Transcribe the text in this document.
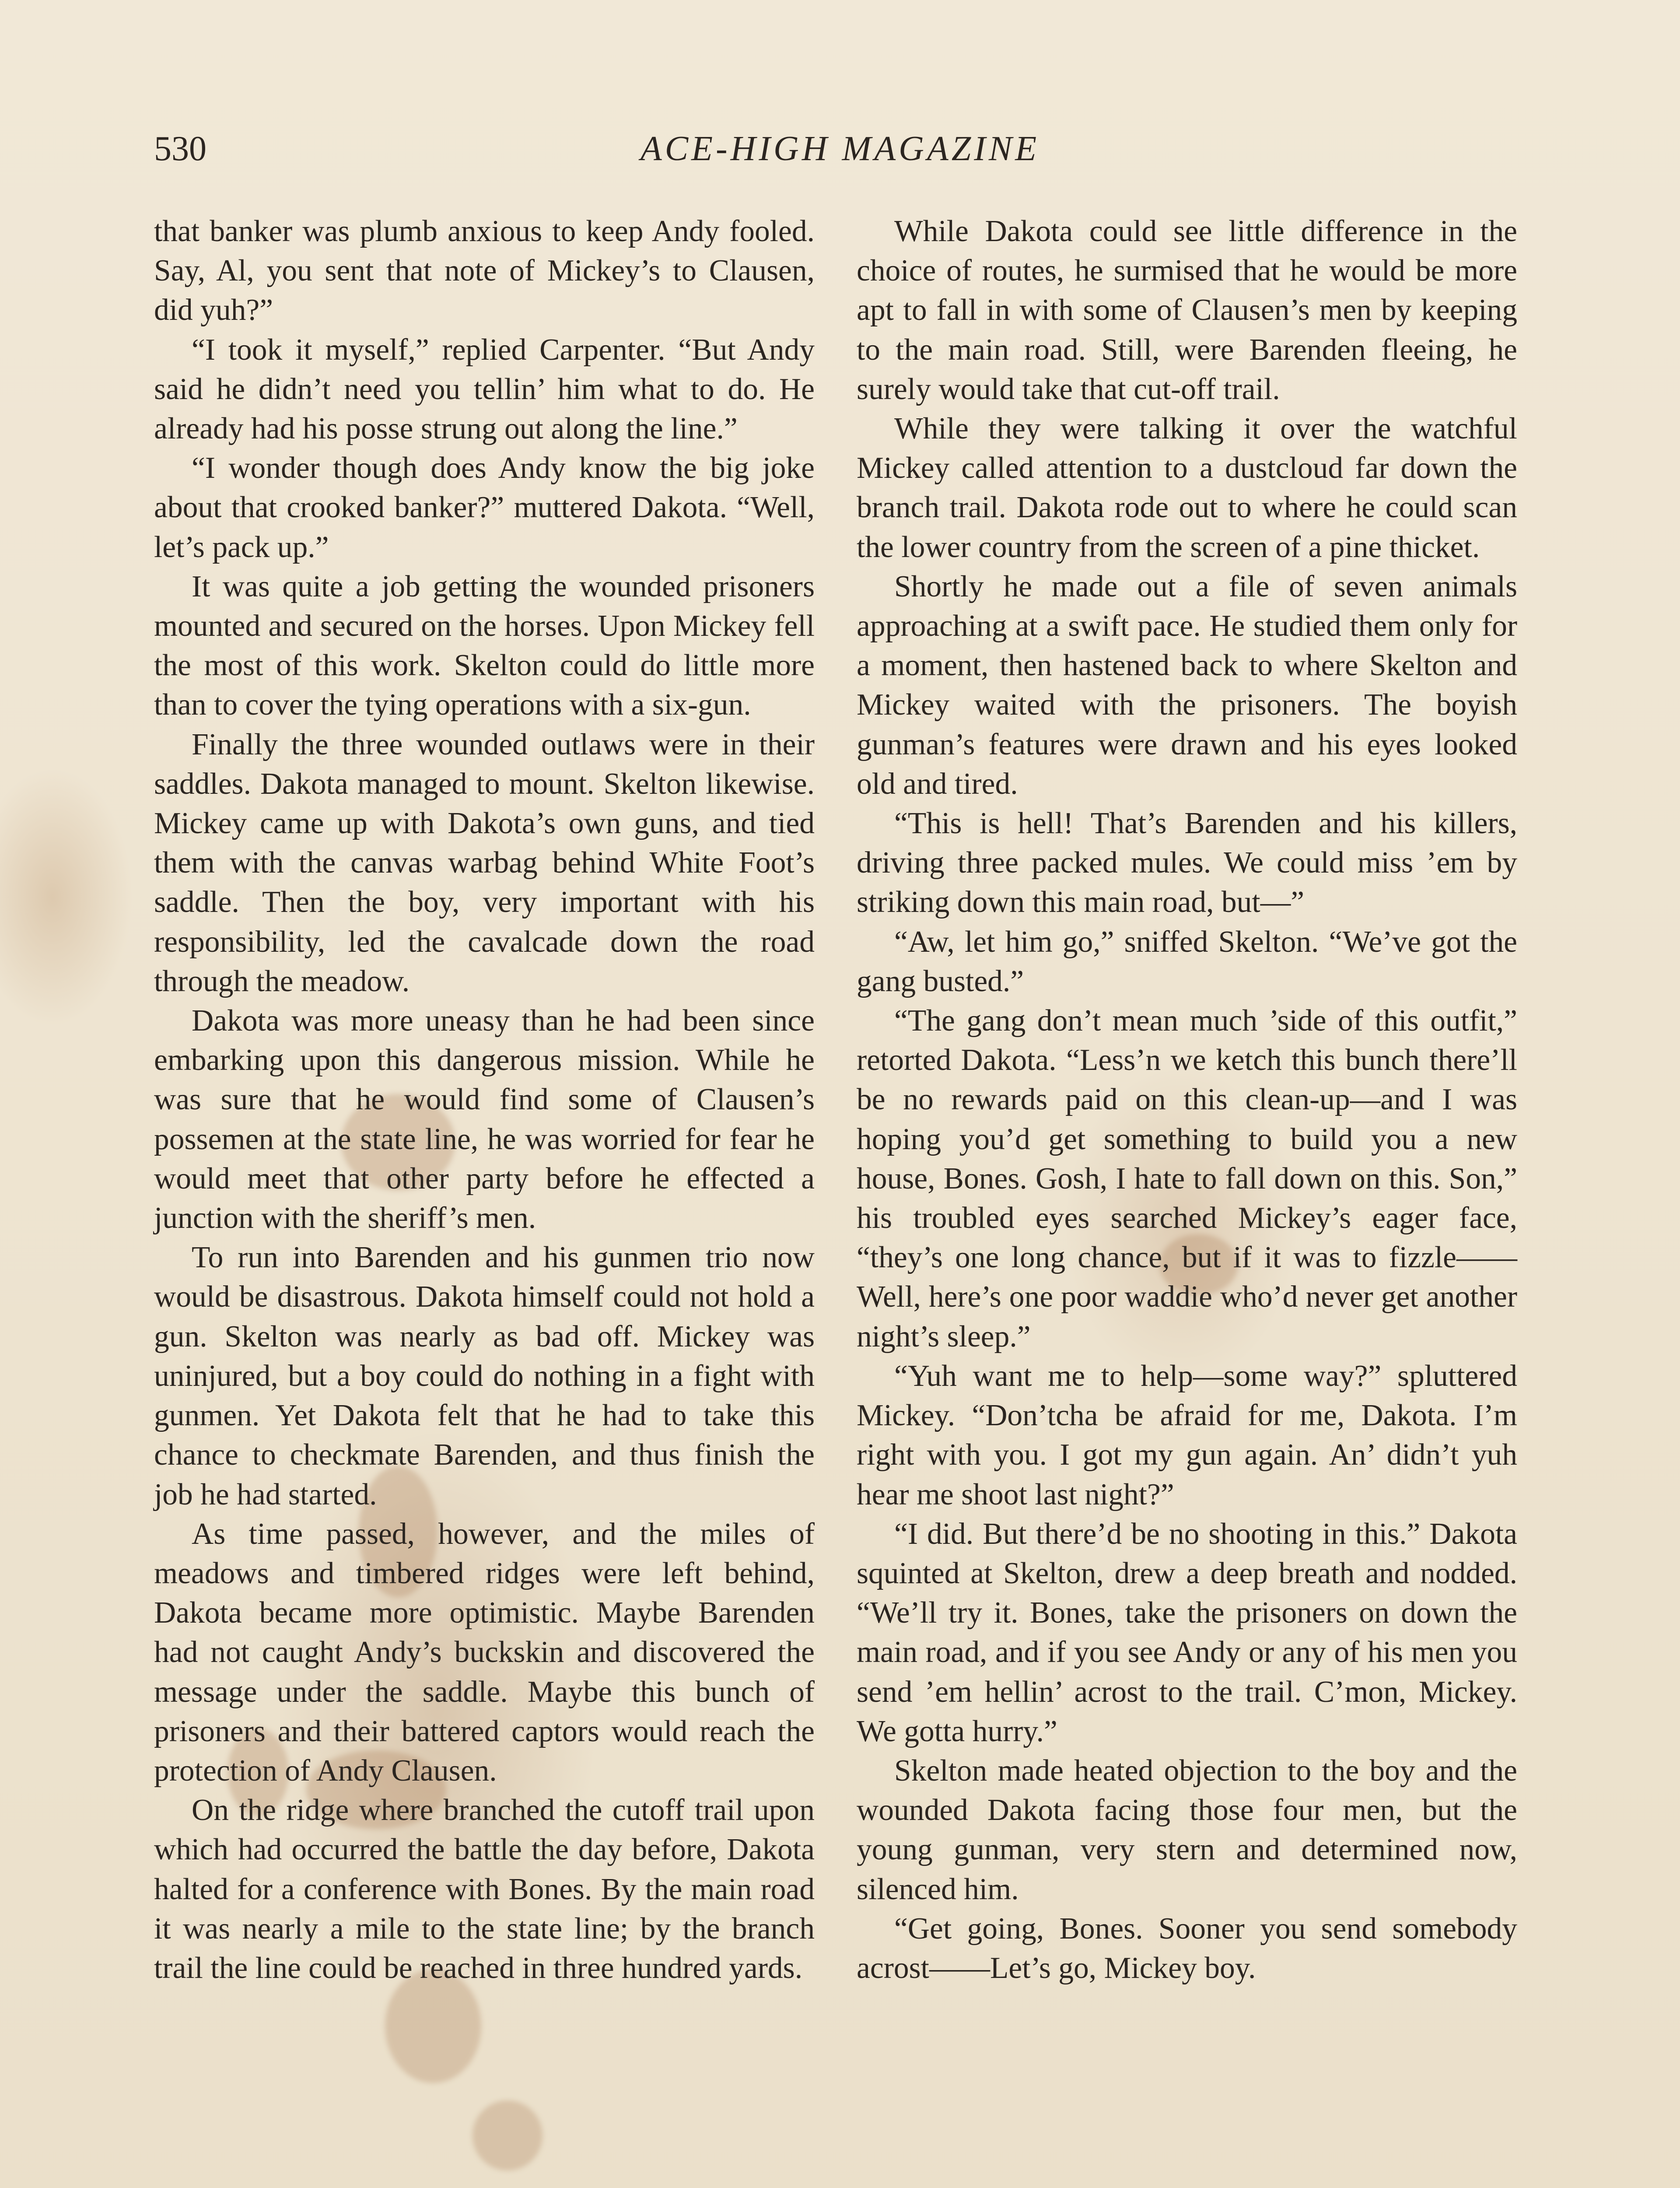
530	ACE-HIGH MAGAZINE

that banker was plumb anxious to keep Andy fooled. Say, Al, you sent that note of Mickey’s to Clausen, did yuh?”

“I took it myself,” replied Carpenter. “But Andy said he didn’t need you tellin’ him what to do. He already had his posse strung out along the line.”

“I wonder though does Andy know the big joke about that crooked banker?” muttered Dakota. “Well, let’s pack up.”

It was quite a job getting the wounded prisoners mounted and secured on the horses. Upon Mickey fell the most of this work. Skelton could do little more than to cover the tying operations with a six-gun.

Finally the three wounded outlaws were in their saddles. Dakota managed to mount. Skelton likewise. Mickey came up with Dakota’s own guns, and tied them with the canvas warbag behind White Foot’s saddle. Then the boy, very important with his responsibility, led the cavalcade down the road through the meadow.

Dakota was more uneasy than he had been since embarking upon this dangerous mission. While he was sure that he would find some of Clausen’s possemen at the state line, he was worried for fear he would meet that other party before he effected a junction with the sheriff’s men.

To run into Barenden and his gunmen trio now would be disastrous. Dakota himself could not hold a gun. Skelton was nearly as bad off. Mickey was uninjured, but a boy could do nothing in a fight with gunmen. Yet Dakota felt that he had to take this chance to checkmate Barenden, and thus finish the job he had started.

As time passed, however, and the miles of meadows and timbered ridges were left behind, Dakota became more optimistic. Maybe Barenden had not caught Andy’s buckskin and discovered the message under the saddle. Maybe this bunch of prisoners and their battered captors would reach the protection of Andy Clausen.

On the ridge where branched the cutoff trail upon which had occurred the battle the day before, Dakota halted for a conference with Bones. By the main road it was nearly a mile to the state line; by the branch trail the line could be reached in three hundred yards.

While Dakota could see little difference in the choice of routes, he surmised that he would be more apt to fall in with some of Clausen’s men by keeping to the main road. Still, were Barenden fleeing, he surely would take that cut-off trail.

While they were talking it over the watchful Mickey called attention to a dustcloud far down the branch trail. Dakota rode out to where he could scan the lower country from the screen of a pine thicket.

Shortly he made out a file of seven animals approaching at a swift pace. He studied them only for a moment, then hastened back to where Skelton and Mickey waited with the prisoners. The boyish gunman’s features were drawn and his eyes looked old and tired.

“This is hell! That’s Barenden and his killers, driving three packed mules. We could miss ’em by striking down this main road, but—”

“Aw, let him go,” sniffed Skelton. “We’ve got the gang busted.”

“The gang don’t mean much ’side of this outfit,” retorted Dakota. “Less’n we ketch this bunch there’ll be no rewards paid on this clean-up—and I was hoping you’d get something to build you a new house, Bones. Gosh, I hate to fall down on this. Son,” his troubled eyes searched Mickey’s eager face, “they’s one long chance, but if it was to fizzle——Well, here’s one poor waddie who’d never get another night’s sleep.”

“Yuh want me to help—some way?” spluttered Mickey. “Don’tcha be afraid for me, Dakota. I’m right with you. I got my gun again. An’ didn’t yuh hear me shoot last night?”

“I did. But there’d be no shooting in this.” Dakota squinted at Skelton, drew a deep breath and nodded. “We’ll try it. Bones, take the prisoners on down the main road, and if you see Andy or any of his men you send ’em hellin’ acrost to the trail. C’mon, Mickey. We gotta hurry.”

Skelton made heated objection to the boy and the wounded Dakota facing those four men, but the young gunman, very stern and determined now, silenced him.

“Get going, Bones. Sooner you send somebody acrost——Let’s go, Mickey boy.
